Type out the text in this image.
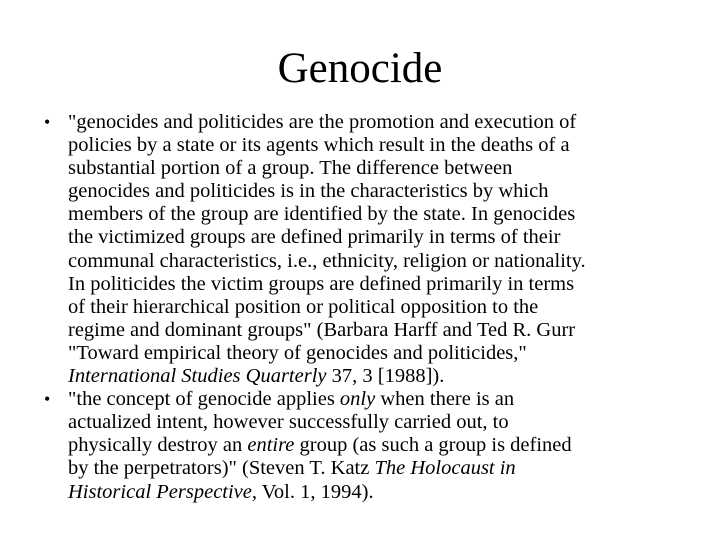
Genocide
• "genocides and politicides are the promotion and execution of
policies by a state or its agents which result in the deaths of a
substantial portion of a group. The difference between
genocides and politicides is in the characteristics by which
members of the group are identified by the state. In genocides
the victimized groups are defined primarily in terms of their
communal characteristics, i.e., ethnicity, religion or nationality.
In politicides the victim groups are defined primarily in terms
of their hierarchical position or political opposition to the
regime and dominant groups" (Barbara Harff and Ted R. Gurr
"Toward empirical theory of genocides and politicides,"
International Studies Quarterly 37, 3 [1988]).
• "the concept of genocide applies only when there is an
actualized intent, however successfully carried out, to
physically destroy an entire group (as such a group is defined
by the perpetrators)" (Steven T. Katz The Holocaust in
Historical Perspective, Vol. 1, 1994).
